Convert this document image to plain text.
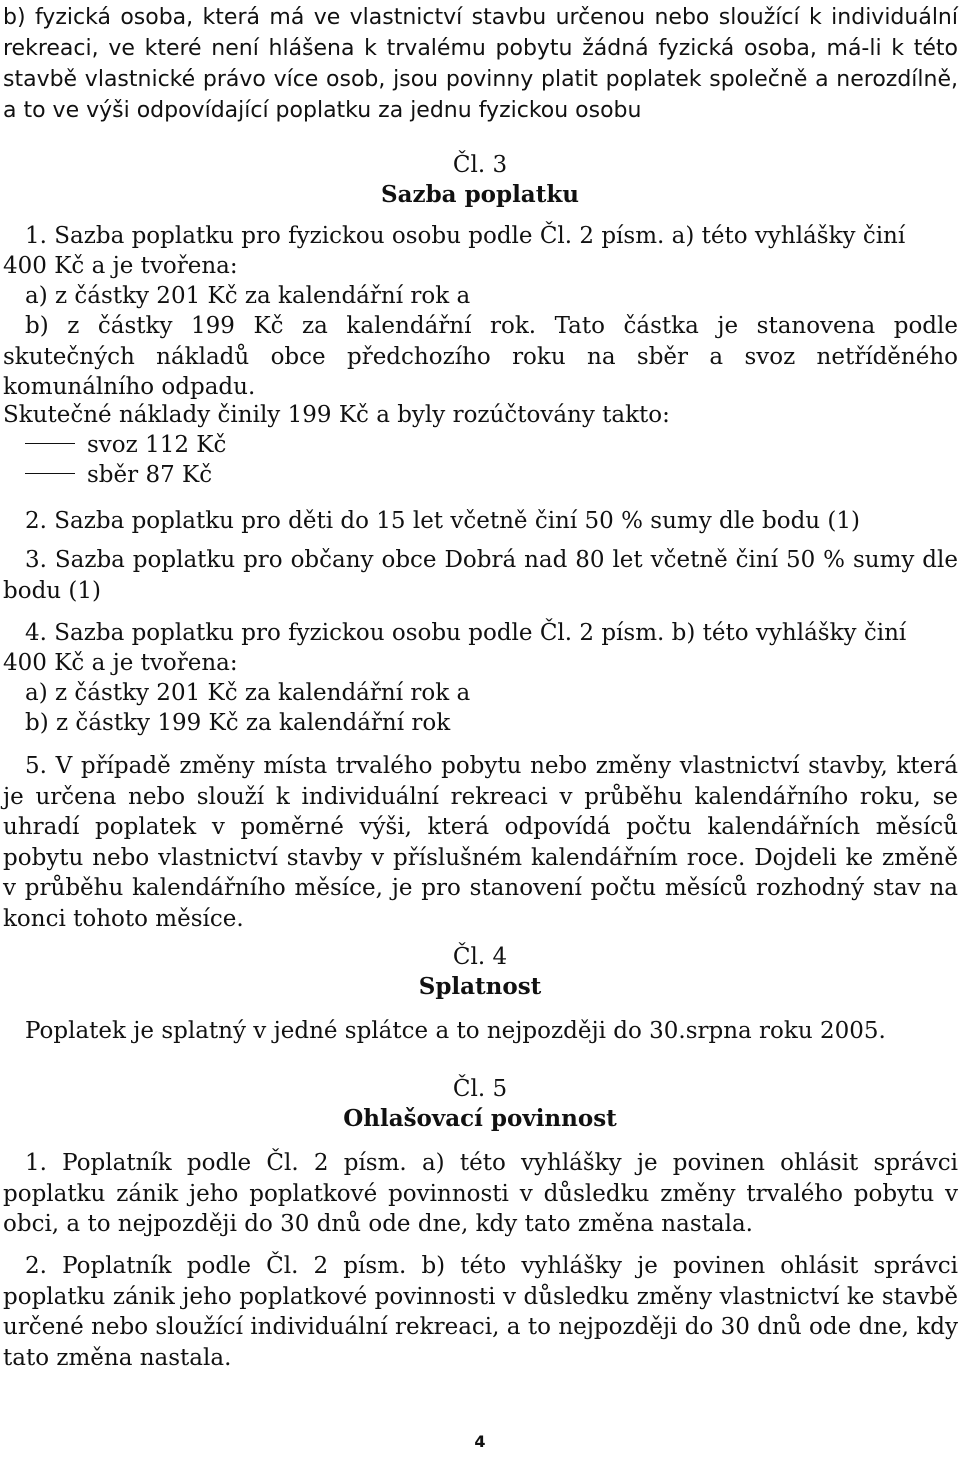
b) fyzická osoba, která má ve vlastnictví stavbu určenou nebo sloužící k individuální rekreaci, ve které není hlášena k trvalému pobytu žádná fyzická osoba, má-li k této stavbě vlastnické právo více osob, jsou povinny platit poplatek společně a nerozdílně, a to ve výši odpovídající poplatku za jednu fyzickou osobu

Čl. 3
Sazba poplatku
1. Sazba poplatku pro fyzickou osobu podle Čl. 2 písm. a) této vyhlášky činí
400 Kč a je tvořena:
a) z částky 201 Kč za kalendářní rok a

b) z částky 199 Kč za kalendářní rok. Tato částka je stanovena podle skutečných nákladů obce předchozího roku na sběr a svoz netříděného komunálního odpadu.

Skutečné náklady činily 199 Kč a byly rozúčtovány takto:
svoz 112 Kč
sběr 87 Kč
2. Sazba poplatku pro děti do 15 let včetně činí 50 % sumy dle bodu (1)

3. Sazba poplatku pro občany obce Dobrá nad 80 let včetně činí 50 % sumy dle bodu (1)

4. Sazba poplatku pro fyzickou osobu podle Čl. 2 písm. b) této vyhlášky činí
400 Kč a je tvořena:
a) z částky 201 Kč za kalendářní rok a
b) z částky 199 Kč za kalendářní rok

5. V případě změny místa trvalého pobytu nebo změny vlastnictví stavby, která je určena nebo slouží k individuální rekreaci v průběhu kalendářního roku, se uhradí poplatek v poměrné výši, která odpovídá počtu kalendářních měsíců pobytu nebo vlastnictví stavby v příslušném kalendářním roce. Dojdeli ke změně v průběhu kalendářního měsíce, je pro stanovení počtu měsíců rozhodný stav na konci tohoto měsíce.

Čl. 4
Splatnost
Poplatek je splatný v jedné splátce a to nejpozději do 30.srpna roku 2005.
Čl. 5
Ohlašovací povinnost

1. Poplatník podle Čl. 2 písm. a) této vyhlášky je povinen ohlásit správci poplatku zánik jeho poplatkové povinnosti v důsledku změny trvalého pobytu v obci, a to nejpozději do 30 dnů ode dne, kdy tato změna nastala.

2. Poplatník podle Čl. 2 písm. b) této vyhlášky je povinen ohlásit správci poplatku zánik jeho poplatkové povinnosti v důsledku změny vlastnictví ke stavbě určené nebo sloužící individuální rekreaci, a to nejpozději do 30 dnů ode dne, kdy tato změna nastala.

4
